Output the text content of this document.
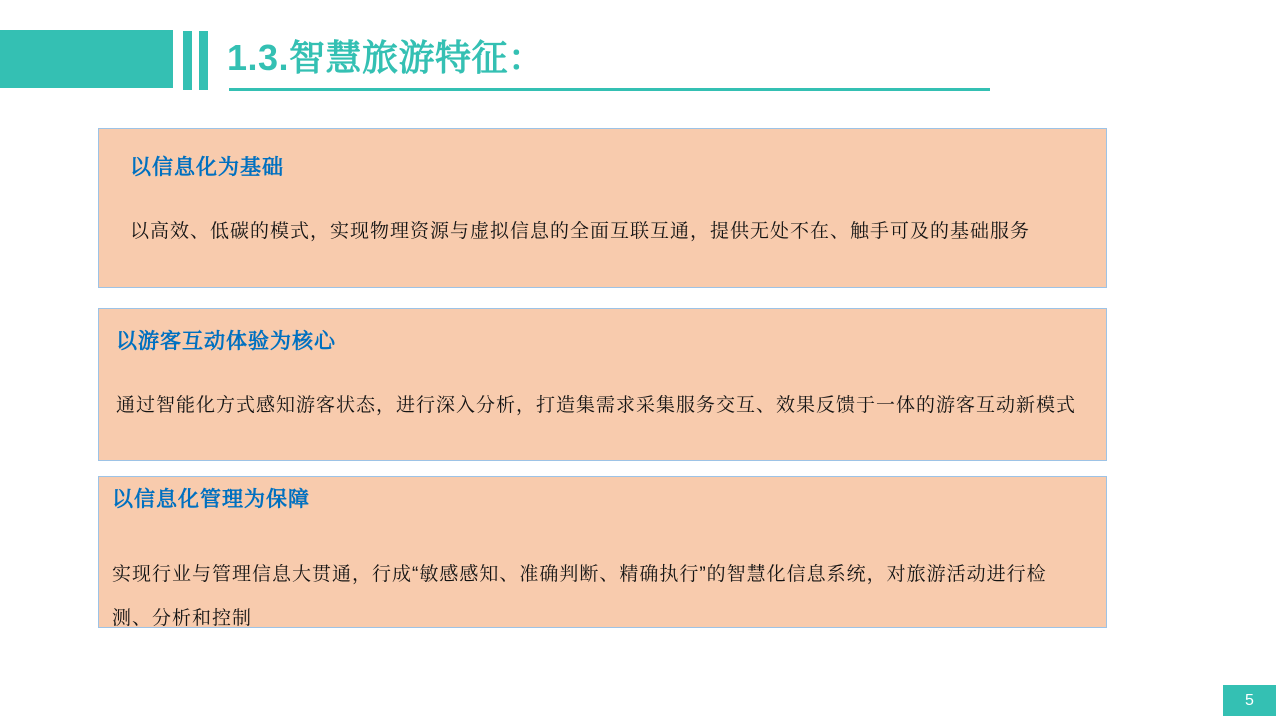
1.3.智慧旅游特征：
以信息化为基础

以高效、低碳的模式，实现物理资源与虚拟信息的全面互联互通，提供无处不在、触手可及的基础服务

以游客互动体验为核心

通过智能化方式感知游客状态，进行深入分析，打造集需求采集服务交互、效果反馈于一体的游客互动新模式

以信息化管理为保障

实现行业与管理信息大贯通，行成“敏感感知、准确判断、精确执行”的智慧化信息系统，对旅游活动进行检测、分析和控制

5
